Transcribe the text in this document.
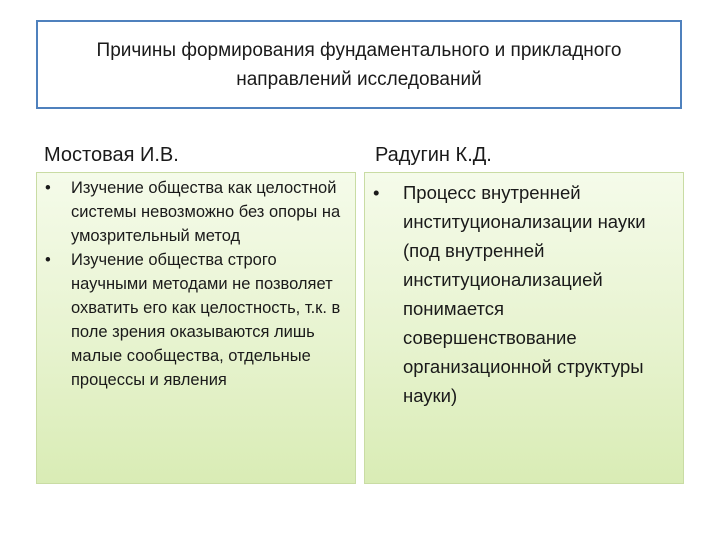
Причины формирования фундаментального и прикладного
направлений исследований
Мостовая И.В.	Радугин К.Д.
• Изучение общества как целостной системы невозможно без опоры на умозрительный метод
• Изучение общества строго научными методами не позволяет охватить его как целостность, т.к. в поле зрения оказываются лишь малые сообщества, отдельные процессы и явления
• Процесс внутренней институционализации науки (под внутренней институционализацией понимается совершенствование организационной структуры науки)
